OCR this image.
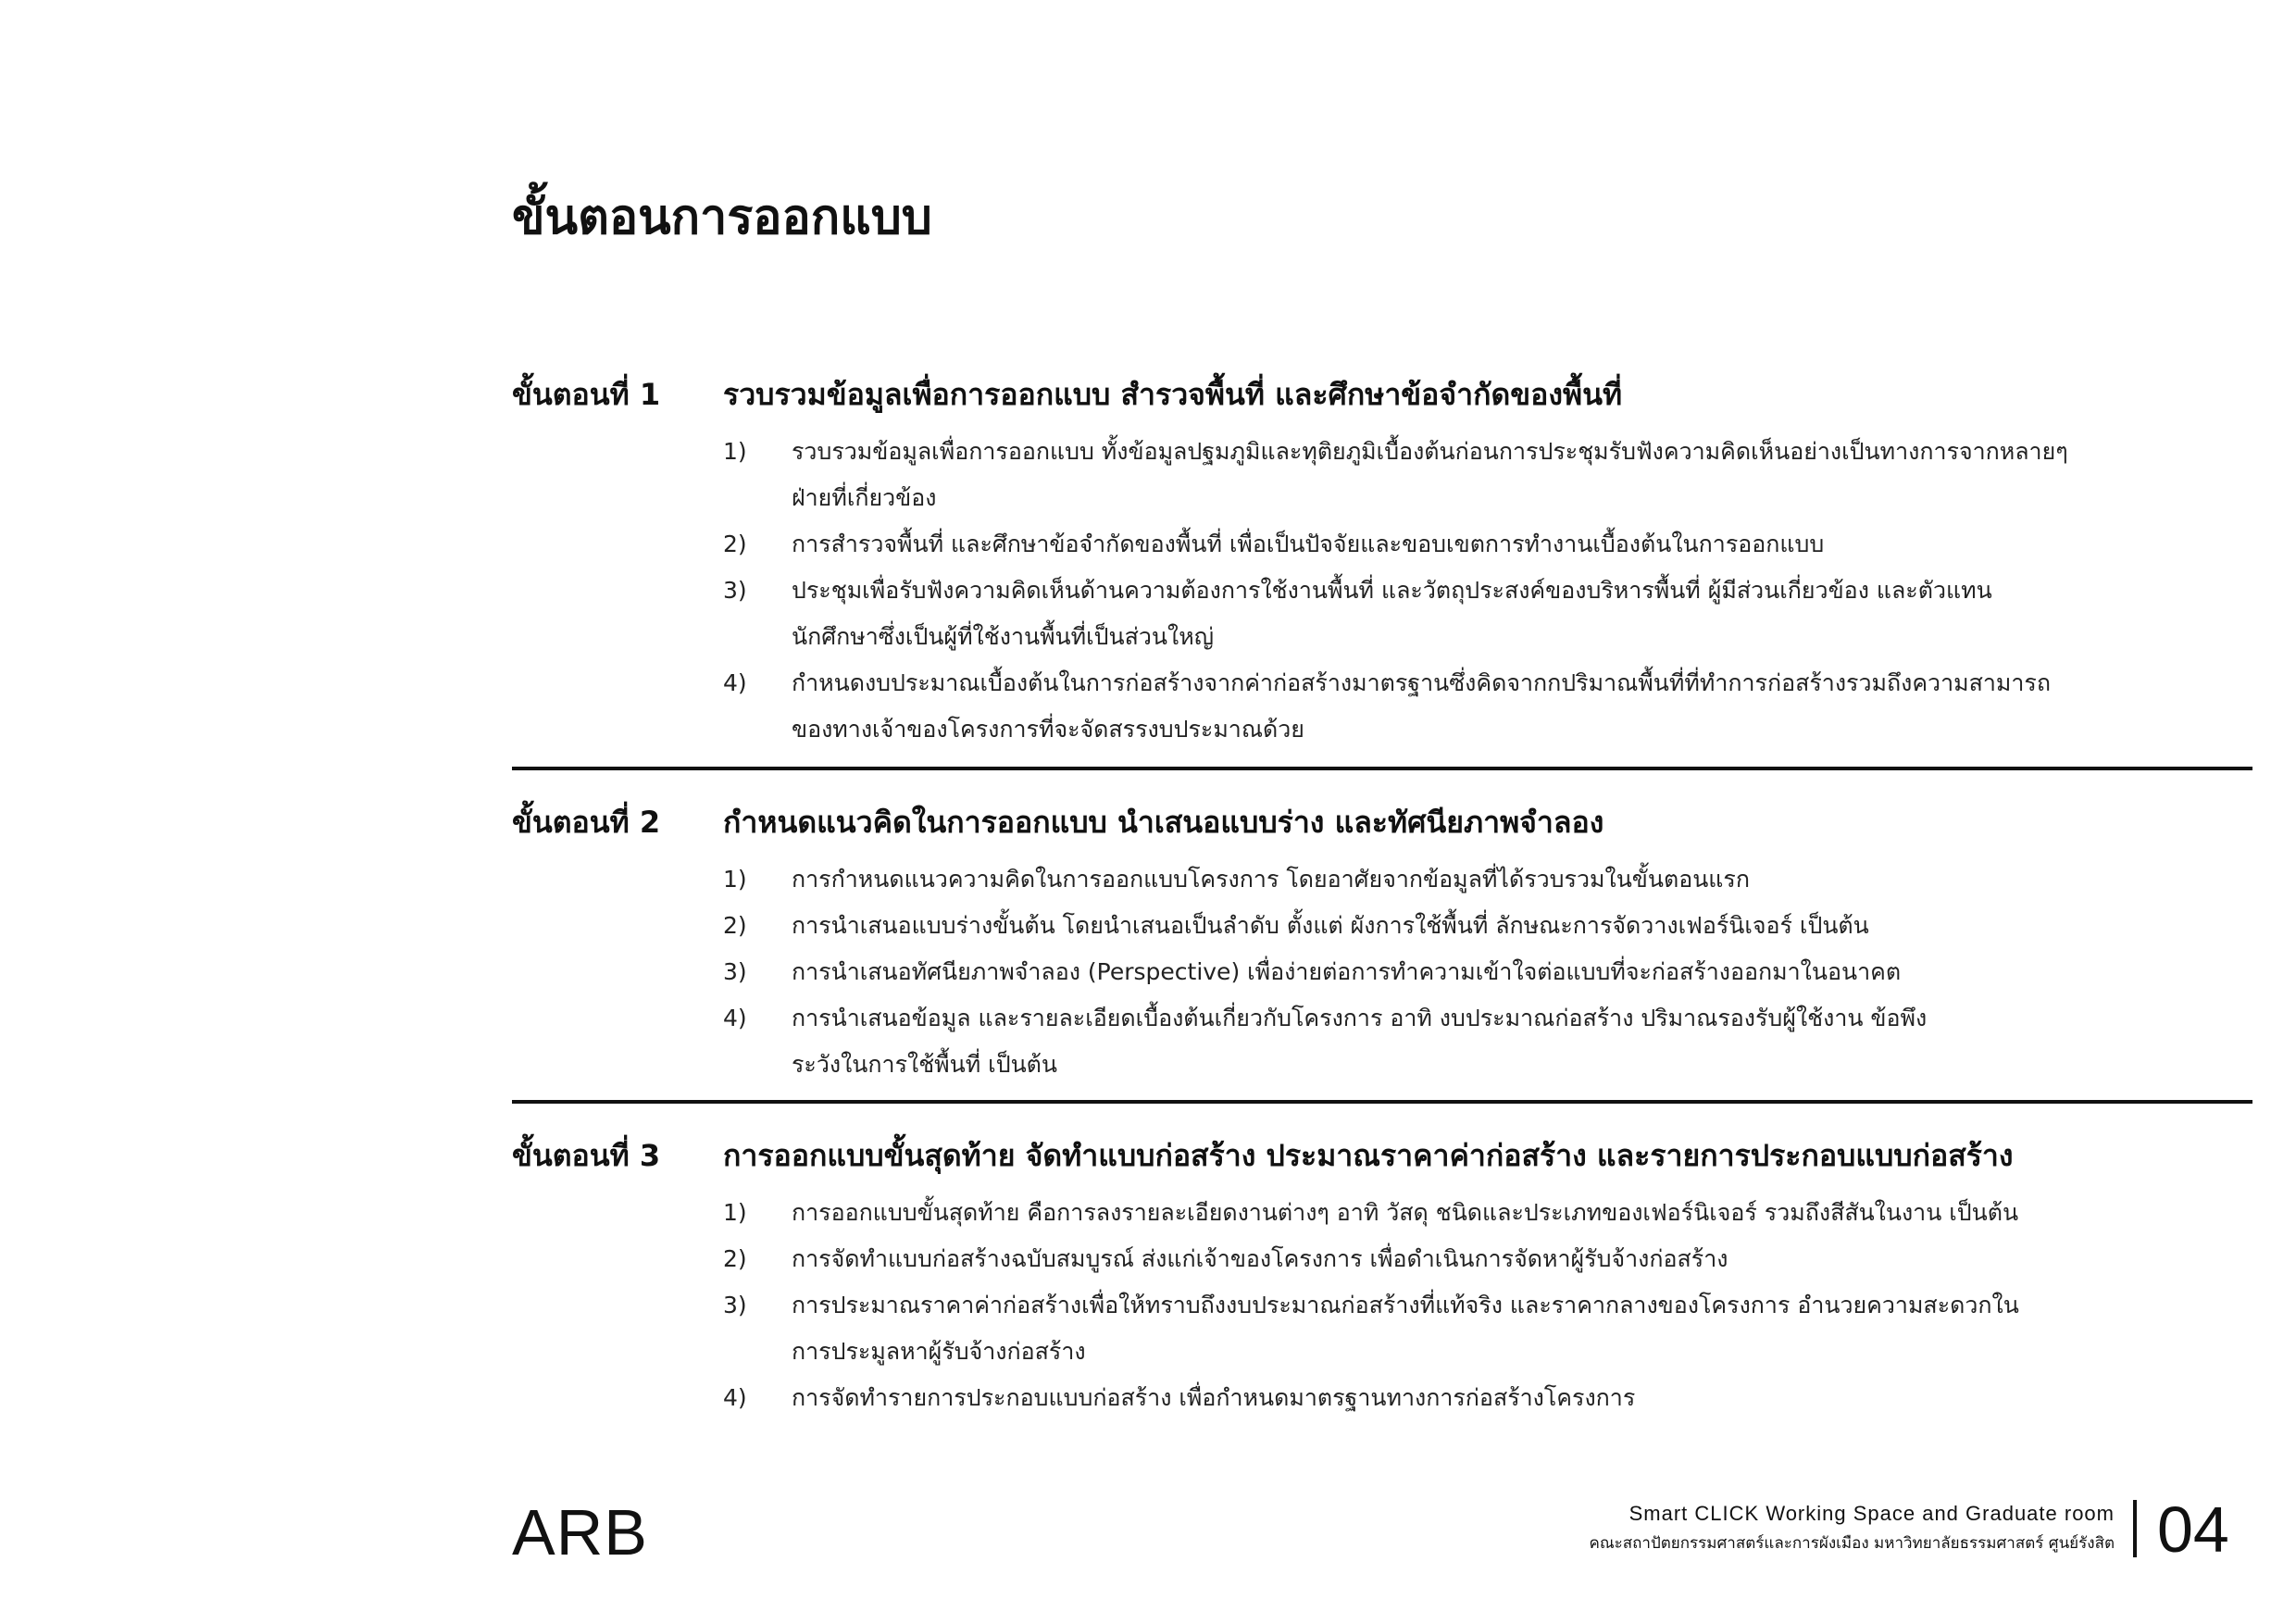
ขั้นตอนการออกแบบ
ขั้นตอนที่ 1	รวบรวมข้อมูลเพื่อการออกแบบ สำรวจพื้นที่ และศึกษาข้อจำกัดของพื้นที่
1)	รวบรวมข้อมูลเพื่อการออกแบบ ทั้งข้อมูลปฐมภูมิและทุติยภูมิเบื้องต้นก่อนการประชุมรับฟังความคิดเห็นอย่างเป็นทางการจากหลายๆ
ฝ่ายที่เกี่ยวข้อง
2)	การสำรวจพื้นที่ และศึกษาข้อจำกัดของพื้นที่ เพื่อเป็นปัจจัยและขอบเขตการทำงานเบื้องต้นในการออกแบบ
3)	ประชุมเพื่อรับฟังความคิดเห็นด้านความต้องการใช้งานพื้นที่ และวัตถุประสงค์ของบริหารพื้นที่ ผู้มีส่วนเกี่ยวข้อง และตัวแทน
นักศึกษาซึ่งเป็นผู้ที่ใช้งานพื้นที่เป็นส่วนใหญ่
4)	กำหนดงบประมาณเบื้องต้นในการก่อสร้างจากค่าก่อสร้างมาตรฐานซึ่งคิดจากกปริมาณพื้นที่ที่ทำการก่อสร้างรวมถึงความสามารถ
ของทางเจ้าของโครงการที่จะจัดสรรงบประมาณด้วย
ขั้นตอนที่ 2	กำหนดแนวคิดในการออกแบบ นำเสนอแบบร่าง และทัศนียภาพจำลอง
1)	การกำหนดแนวความคิดในการออกแบบโครงการ โดยอาศัยจากข้อมูลที่ได้รวบรวมในขั้นตอนแรก
2)	การนำเสนอแบบร่างขั้นต้น โดยนำเสนอเป็นลำดับ ตั้งแต่ ผังการใช้พื้นที่ ลักษณะการจัดวางเฟอร์นิเจอร์ เป็นต้น
3)	การนำเสนอทัศนียภาพจำลอง (Perspective) เพื่อง่ายต่อการทำความเข้าใจต่อแบบที่จะก่อสร้างออกมาในอนาคต
4)	การนำเสนอข้อมูล และรายละเอียดเบื้องต้นเกี่ยวกับโครงการ อาทิ งบประมาณก่อสร้าง ปริมาณรองรับผู้ใช้งาน ข้อพึง
ระวังในการใช้พื้นที่ เป็นต้น
ขั้นตอนที่ 3	การออกแบบขั้นสุดท้าย จัดทำแบบก่อสร้าง ประมาณราคาค่าก่อสร้าง และรายการประกอบแบบก่อสร้าง
1)	การออกแบบขั้นสุดท้าย คือการลงรายละเอียดงานต่างๆ อาทิ วัสดุ ชนิดและประเภทของเฟอร์นิเจอร์ รวมถึงสีสันในงาน เป็นต้น
2)	การจัดทำแบบก่อสร้างฉบับสมบูรณ์ ส่งแก่เจ้าของโครงการ เพื่อดำเนินการจัดหาผู้รับจ้างก่อสร้าง
3)	การประมาณราคาค่าก่อสร้างเพื่อให้ทราบถึงงบประมาณก่อสร้างที่แท้จริง และราคากลางของโครงการ อำนวยความสะดวกใน
การประมูลหาผู้รับจ้างก่อสร้าง
4)	การจัดทำรายการประกอบแบบก่อสร้าง เพื่อกำหนดมาตรฐานทางการก่อสร้างโครงการ
ARB	Smart CLICK Working Space and Graduate room
คณะสถาปัตยกรรมศาสตร์และการผังเมือง มหาวิทยาลัยธรรมศาสตร์ ศูนย์รังสิต 04
